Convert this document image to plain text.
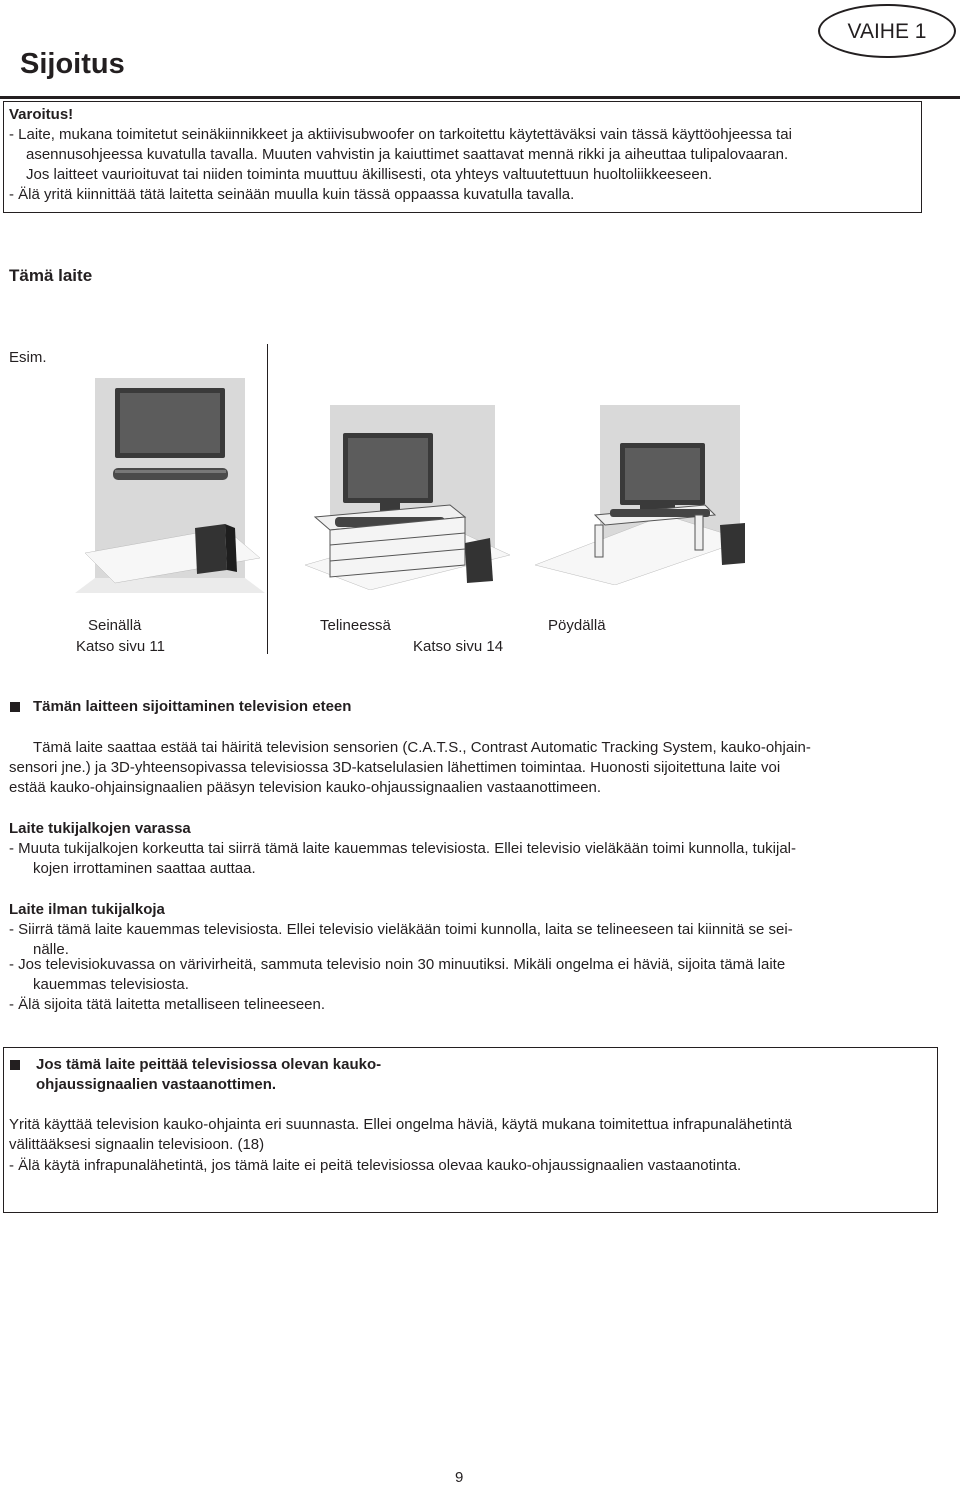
Sijoitus
VAIHE 1
Varoitus!
- Laite, mukana toimitetut seinäkiinnikkeet ja aktiivisubwoofer on tarkoitettu käytettäväksi vain tässä käyttöohjeessa tai
asennusohjeessa kuvatulla tavalla. Muuten vahvistin ja kaiuttimet saattavat mennä rikki ja aiheuttaa tulipalovaaran.
Jos laitteet vaurioituvat tai niiden toiminta muuttuu äkillisesti, ota yhteys valtuutettuun huoltoliikkeeseen.
- Älä yritä kiinnittää tätä laitetta seinään muulla kuin tässä oppaassa kuvatulla tavalla.
Tämä laite
Esim.
Seinällä
Katso sivu 11
Telineessä
Katso sivu 14
Pöydällä
Tämän laitteen sijoittaminen television eteen
Tämä laite saattaa estää tai häiritä television sensorien (C.A.T.S., Contrast Automatic Tracking System, kauko-ohjain-
sensori jne.) ja 3D-yhteensopivassa televisiossa 3D-katselulasien lähettimen toimintaa. Huonosti sijoitettuna laite voi
estää kauko-ohjainsignaalien pääsyn television kauko-ohjaussignaalien vastaanottimeen.
Laite tukijalkojen varassa
- Muuta tukijalkojen korkeutta tai siirrä tämä laite kauemmas televisiosta. Ellei televisio vieläkään toimi kunnolla, tukijal-
kojen irrottaminen saattaa auttaa.
Laite ilman tukijalkoja
- Siirrä tämä laite kauemmas televisiosta. Ellei televisio vieläkään toimi kunnolla, laita se telineeseen tai kiinnitä se sei-
nälle.
- Jos televisiokuvassa on värivirheitä, sammuta televisio noin 30 minuutiksi. Mikäli ongelma ei häviä, sijoita tämä laite
kauemmas televisiosta.
- Älä sijoita tätä laitetta metalliseen telineeseen.
Jos tämä laite peittää televisiossa olevan kauko-
ohjaussignaalien vastaanottimen.
Yritä käyttää television kauko-ohjainta eri suunnasta. Ellei ongelma häviä, käytä mukana toimitettua infrapunalähetintä
välittääksesi signaalin televisioon. (18)
- Älä käytä infrapunalähetintä, jos tämä laite ei peitä televisiossa olevaa kauko-ohjaussignaalien vastaanotinta.
9
